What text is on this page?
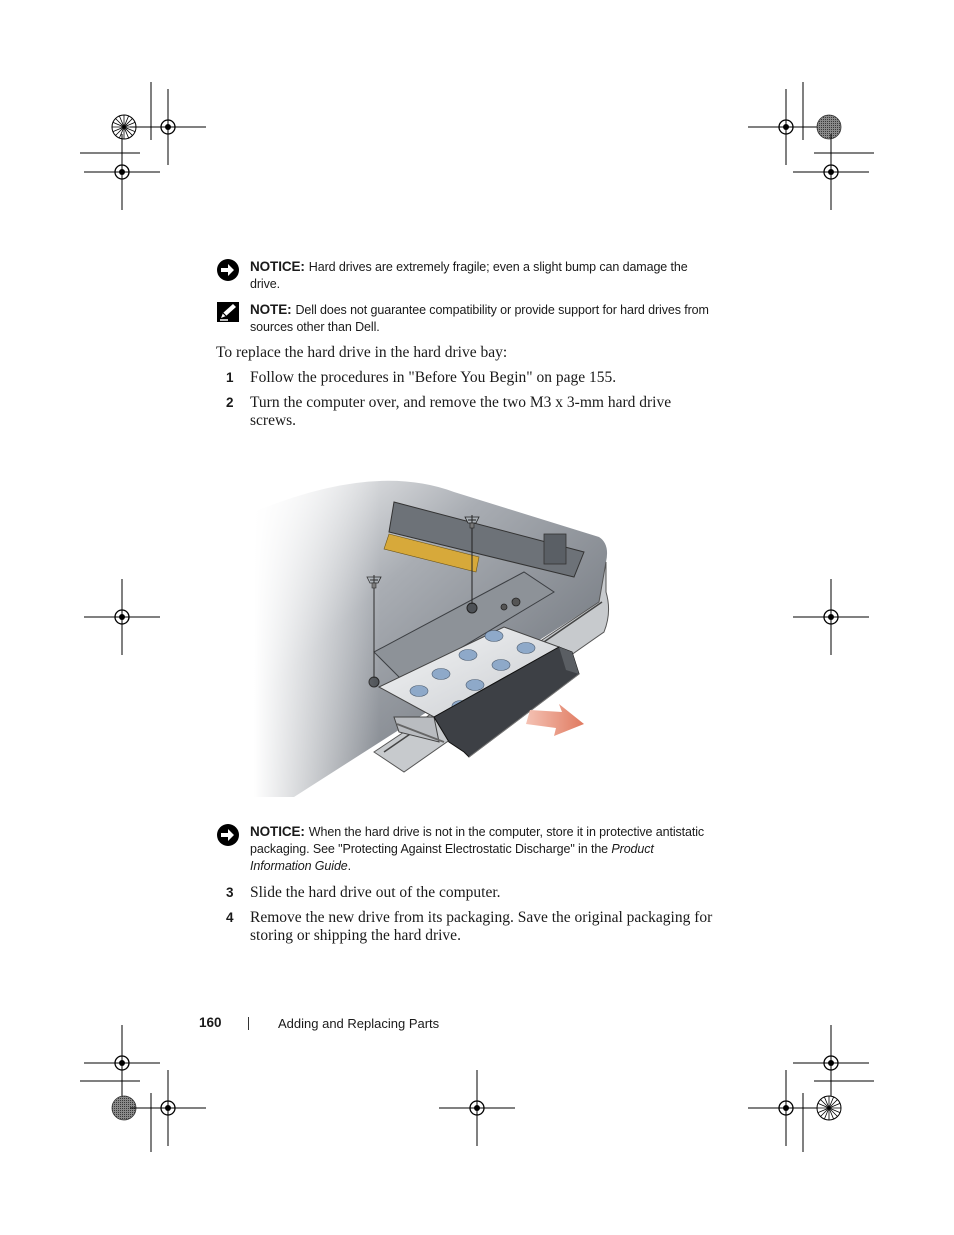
NOTICE: Hard drives are extremely fragile; even a slight bump can damage the drive.
NOTE: Dell does not guarantee compatibility or provide support for hard drives from sources other than Dell.
To replace the hard drive in the hard drive bay:
1 Follow the procedures in "Before You Begin" on page 155.
2 Turn the computer over, and remove the two M3 x 3-mm hard drive screws.
NOTICE: When the hard drive is not in the computer, store it in protective antistatic packaging. See "Protecting Against Electrostatic Discharge" in the Product Information Guide.
3 Slide the hard drive out of the computer.
4 Remove the new drive from its packaging. Save the original packaging for storing or shipping the hard drive.
160	Adding and Replacing Parts
